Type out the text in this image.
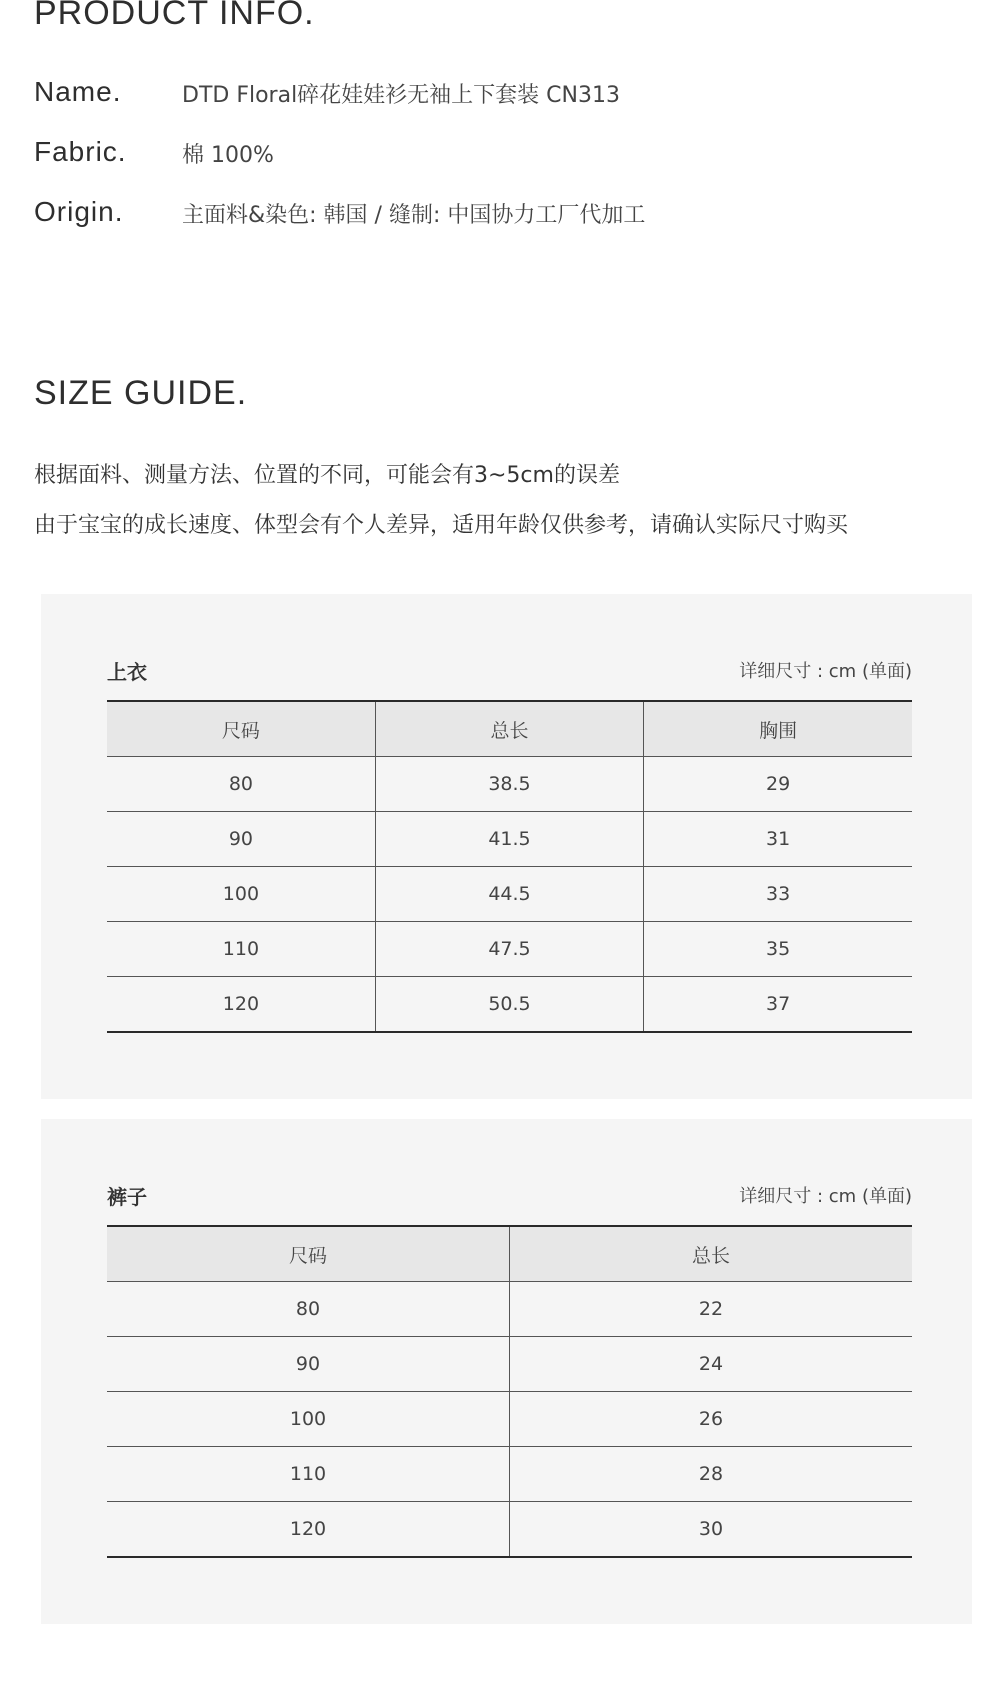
PRODUCT INFO.
Name.	DTD Floral碎花娃娃衫无袖上下套装 CN313
Fabric.	棉 100%
Origin.	主面料&染色: 韩国 / 缝制: 中国协力工厂代加工
SIZE GUIDE.
根据面料、测量方法、位置的不同，可能会有3~5cm的误差
由于宝宝的成长速度、体型会有个人差异，适用年龄仅供参考，请确认实际尺寸购买
上衣	详细尺寸 : cm (单面)
尺码	总长	胸围
80	38.5	29
90	41.5	31
100	44.5	33
110	47.5	35
120	50.5	37
裤子	详细尺寸 : cm (单面)
尺码	总长
80	22
90	24
100	26
110	28
120	30
